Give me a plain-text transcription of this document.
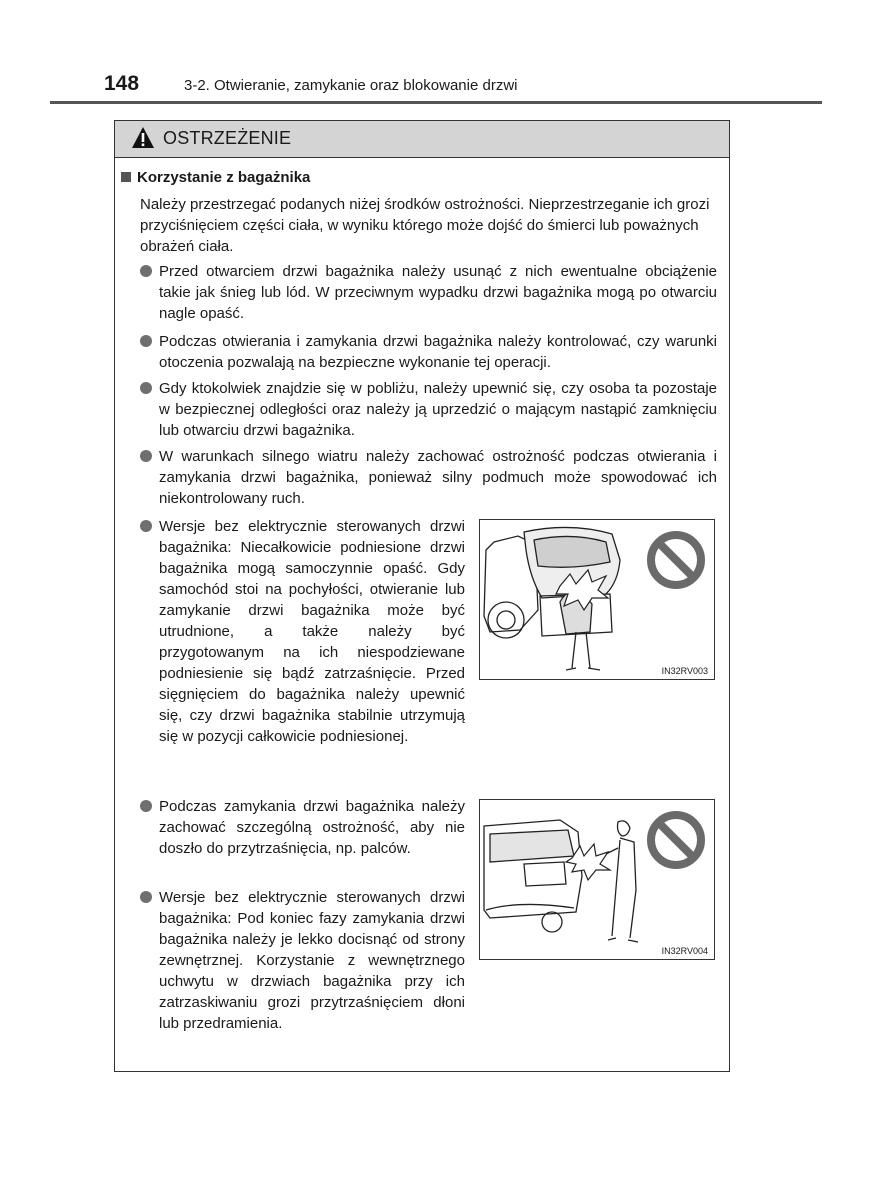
148	3-2. Otwieranie, zamykanie oraz blokowanie drzwi
OSTRZEŻENIE
Korzystanie z bagażnika
Należy przestrzegać podanych niżej środków ostrożności. Nieprzestrzeganie ich grozi przyciśnięciem części ciała, w wyniku którego może dojść do śmierci lub poważnych obrażeń ciała.
Przed otwarciem drzwi bagażnika należy usunąć z nich ewentualne obciążenie takie jak śnieg lub lód. W przeciwnym wypadku drzwi bagażnika mogą po otwarciu nagle opaść.
Podczas otwierania i zamykania drzwi bagażnika należy kontrolować, czy warunki otoczenia pozwalają na bezpieczne wykonanie tej operacji.
Gdy ktokolwiek znajdzie się w pobliżu, należy upewnić się, czy osoba ta pozostaje w bezpiecznej odległości oraz należy ją uprzedzić o mającym nastąpić zamknięciu lub otwarciu drzwi bagażnika.
W warunkach silnego wiatru należy zachować ostrożność podczas otwierania i zamykania drzwi bagażnika, ponieważ silny podmuch może spowodować ich niekontrolowany ruch.
Wersje bez elektrycznie sterowanych drzwi bagażnika: Niecałkowicie podniesione drzwi bagażnika mogą samoczynnie opaść. Gdy samochód stoi na pochyłości, otwieranie lub zamykanie drzwi bagażnika może być utrudnione, a także należy być przygotowanym na ich niespodziewane podniesienie się bądź zatrzaśnięcie. Przed sięgnięciem do bagażnika należy upewnić się, czy drzwi bagażnika stabilnie utrzymują się w pozycji całkowicie podniesionej.
Podczas zamykania drzwi bagażnika należy zachować szczególną ostrożność, aby nie doszło do przytrzaśnięcia, np. palców.
Wersje bez elektrycznie sterowanych drzwi bagażnika: Pod koniec fazy zamykania drzwi bagażnika należy je lekko docisnąć od strony zewnętrznej. Korzystanie z wewnętrznego uchwytu w drzwiach bagażnika przy ich zatrzaskiwaniu grozi przytrzaśnięciem dłoni lub przedramienia.
IN32RV003
IN32RV004
